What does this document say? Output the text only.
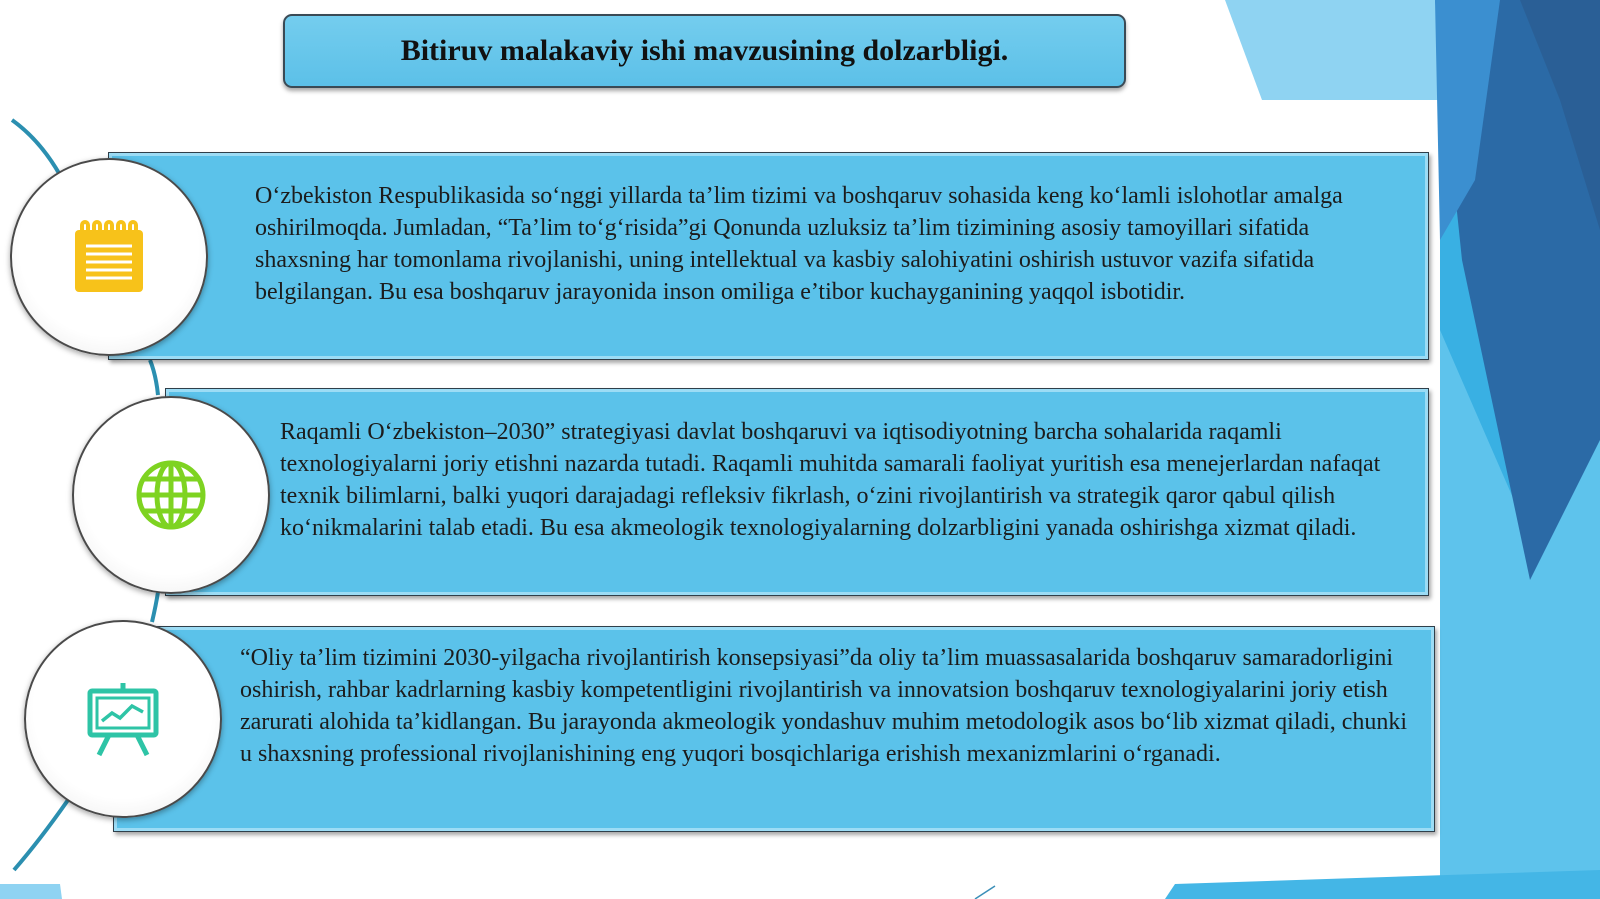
Bitiruv malakaviy ishi mavzusining dolzarbligi.

O‘zbekiston Respublikasida so‘nggi yillarda ta’lim tizimi va boshqaruv sohasida keng ko‘lamli islohotlar amalga oshirilmoqda. Jumladan, “Ta’lim to‘g‘risida”gi Qonunda uzluksiz ta’lim tizimining asosiy tamoyillari sifatida shaxsning har tomonlama rivojlanishi, uning intellektual va kasbiy salohiyatini oshirish ustuvor vazifa sifatida belgilangan. Bu esa boshqaruv jarayonida inson omiliga e’tibor kuchayganining yaqqol isbotidir.

Raqamli O‘zbekiston–2030” strategiyasi davlat boshqaruvi va iqtisodiyotning barcha sohalarida raqamli texnologiyalarni joriy etishni nazarda tutadi. Raqamli muhitda samarali faoliyat yuritish esa menejerlardan nafaqat texnik bilimlarni, balki yuqori darajadagi refleksiv fikrlash, o‘zini rivojlantirish va strategik qaror qabul qilish ko‘nikmalarini talab etadi. Bu esa akmeologik texnologiyalarning dolzarbligini yanada oshirishga xizmat qiladi.

“Oliy ta’lim tizimini 2030-yilgacha rivojlantirish konsepsiyasi”da oliy ta’lim muassasalarida boshqaruv samaradorligini oshirish, rahbar kadrlarning kasbiy kompetentligini rivojlantirish va innovatsion boshqaruv texnologiyalarini joriy etish zarurati alohida ta’kidlangan. Bu jarayonda akmeologik yondashuv muhim metodologik asos bo‘lib xizmat qiladi, chunki u shaxsning professional rivojlanishining eng yuqori bosqichlariga erishish mexanizmlarini o‘rganadi.
